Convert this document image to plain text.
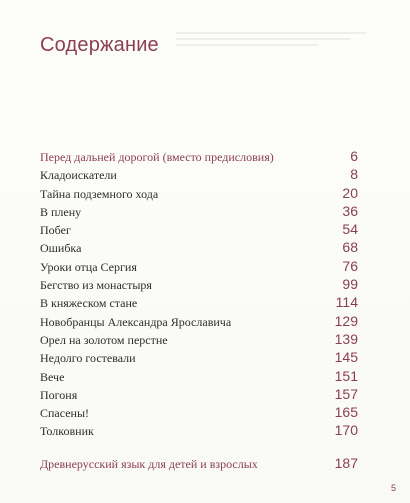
Содержание
Перед дальней дорогой (вместо предисловия)	6
Кладоискатели	8
Тайна подземного хода	20
В плену	36
Побег	54
Ошибка	68
Уроки отца Сергия	76
Бегство из монастыря	99
В княжеском стане	114
Новобранцы Александра Ярославича	129
Орел на золотом перстне	139
Недолго гостевали	145
Вече	151
Погоня	157
Спасены!	165
Толковник	170
Древнерусский язык для детей и взрослых	187
5
